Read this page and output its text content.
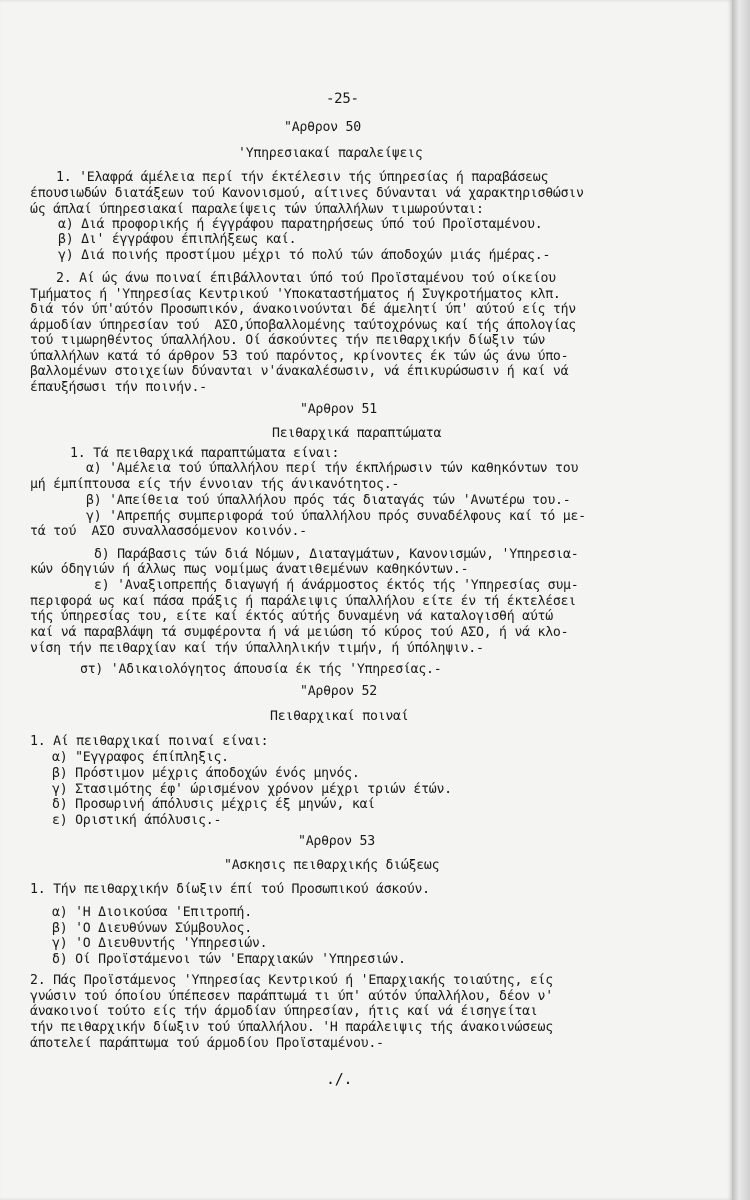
-25-
"Αρθρον 50
'Υπηρεσιακαί παραλείψεις
1. 'Ελαφρά άμέλεια περί τήν έκτέλεσιν τής ύπηρεσίας ή παραβάσεως
έπουσιωδών διατάξεων τού Κανονισμού, αίτινες δύνανται νά χαρακτηρισθώσιν
ώς άπλαί ύπηρεσιακαί παραλείψεις τών ύπαλλήλων τιμωρούνται:
α) Διά προφορικής ή έγγράφου παρατηρήσεως ύπό τού Προϊσταμένου.
β) Δι' έγγράφου έπιπλήξεως καί.
γ) Διά ποινής προστίμου μέχρι τό πολύ τών άποδοχών μιάς ήμέρας.-
2. Αί ώς άνω ποιναί έπιβάλλονται ύπό τού Προϊσταμένου τού οίκείου
Τμήματος ή 'Υπηρεσίας Κεντρικού 'Υποκαταστήματος ή Συγκροτήματος κλπ.
διά τόν ύπ'αύτόν Προσωπικόν, άνακοινούνται δέ άμελητί ύπ' αύτού είς τήν
άρμοδίαν ύπηρεσίαν τού  ΑΣΟ,ύποβαλλομένης ταύτοχρόνως καί τής άπολογίας
τού τιμωρηθέντος ύπαλλήλου. Οί άσκούντες τήν πειθαρχικήν δίωξιν τών
ύπαλλήλων κατά τό άρθρον 53 τού παρόντος, κρίνοντες έκ τών ώς άνω ύπο-
βαλλομένων στοιχείων δύνανται ν'άνακαλέσωσιν, νά έπικυρώσωσιν ή καί νά
έπαυξήσωσι τήν ποινήν.-
"Αρθρον 51
Πειθαρχικά παραπτώματα
1. Τά πειθαρχικά παραπτώματα είναι:
α) 'Αμέλεια τού ύπαλλήλου περί τήν έκπλήρωσιν τών καθηκόντων του
μή έμπίπτουσα είς τήν έννοιαν τής άνικανότητος.-
β) 'Απείθεια τού ύπαλλήλου πρός τάς διαταγάς τών 'Ανωτέρω του.-
γ) 'Απρεπής συμπεριφορά τού ύπαλλήλου πρός συναδέλφους καί τό με-
τά τού  ΑΣΟ συναλλασσόμενον κοινόν.-
δ) Παράβασις τών διά Νόμων, Διαταγμάτων, Κανονισμών, 'Υπηρεσια-
κών όδηγιών ή άλλως πως νομίμως άνατιθεμένων καθηκόντων.-
ε) 'Αναξιοπρεπής διαγωγή ή άνάρμοστος έκτός τής 'Υπηρεσίας συμ-
περιφορά ως καί πάσα πράξις ή παράλειψις ύπαλλήλου είτε έν τή έκτελέσει
τής ύπηρεσίας του, είτε καί έκτός αύτής δυναμένη νά καταλογισθή αύτώ
καί νά παραβλάψη τά συμφέροντα ή νά μειώση τό κύρος τού ΑΣΟ, ή νά κλο-
νίση τήν πειθαρχίαν καί τήν ύπαλληλικήν τιμήν, ή ύπόληψιν.-
στ) 'Αδικαιολόγητος άπουσία έκ τής 'Υπηρεσίας.-
"Αρθρον 52
Πειθαρχικαί ποιναί
1. Αί πειθαρχικαί ποιναί είναι:
α) "Εγγραφος έπίπληξις.
β) Πρόστιμον μέχρις άποδοχών ένός μηνός.
γ) Στασιμότης έφ' ώρισμένον χρόνον μέχρι τριών έτών.
δ) Προσωρινή άπόλυσις μέχρις έξ μηνών, καί
ε) Οριστική άπόλυσις.-
"Αρθρον 53
"Ασκησις πειθαρχικής διώξεως
1. Τήν πειθαρχικήν δίωξιν έπί τού Προσωπικού άσκούν.
α) 'Η Διοικούσα 'Επιτροπή.
β) 'Ο Διευθύνων Σύμβουλος.
γ) 'Ο Διευθυντής 'Υπηρεσιών.
δ) Οί Προϊστάμενοι τών 'Επαρχιακών 'Υπηρεσιών.
2. Πάς Προϊστάμενος 'Υπηρεσίας Κεντρικού ή 'Επαρχιακής τοιαύτης, είς
γνώσιν τού όποίου ύπέπεσεν παράπτωμά τι ύπ' αύτόν ύπαλλήλου, δέον ν'
άνακοινοί τούτο είς τήν άρμοδίαν ύπηρεσίαν, ήτις καί νά έισηγείται
τήν πειθαρχικήν δίωξιν τού ύπαλλήλου. 'Η παράλειψις τής άνακοινώσεως
άποτελεί παράπτωμα τού άρμοδίου Προϊσταμένου.-
./.
